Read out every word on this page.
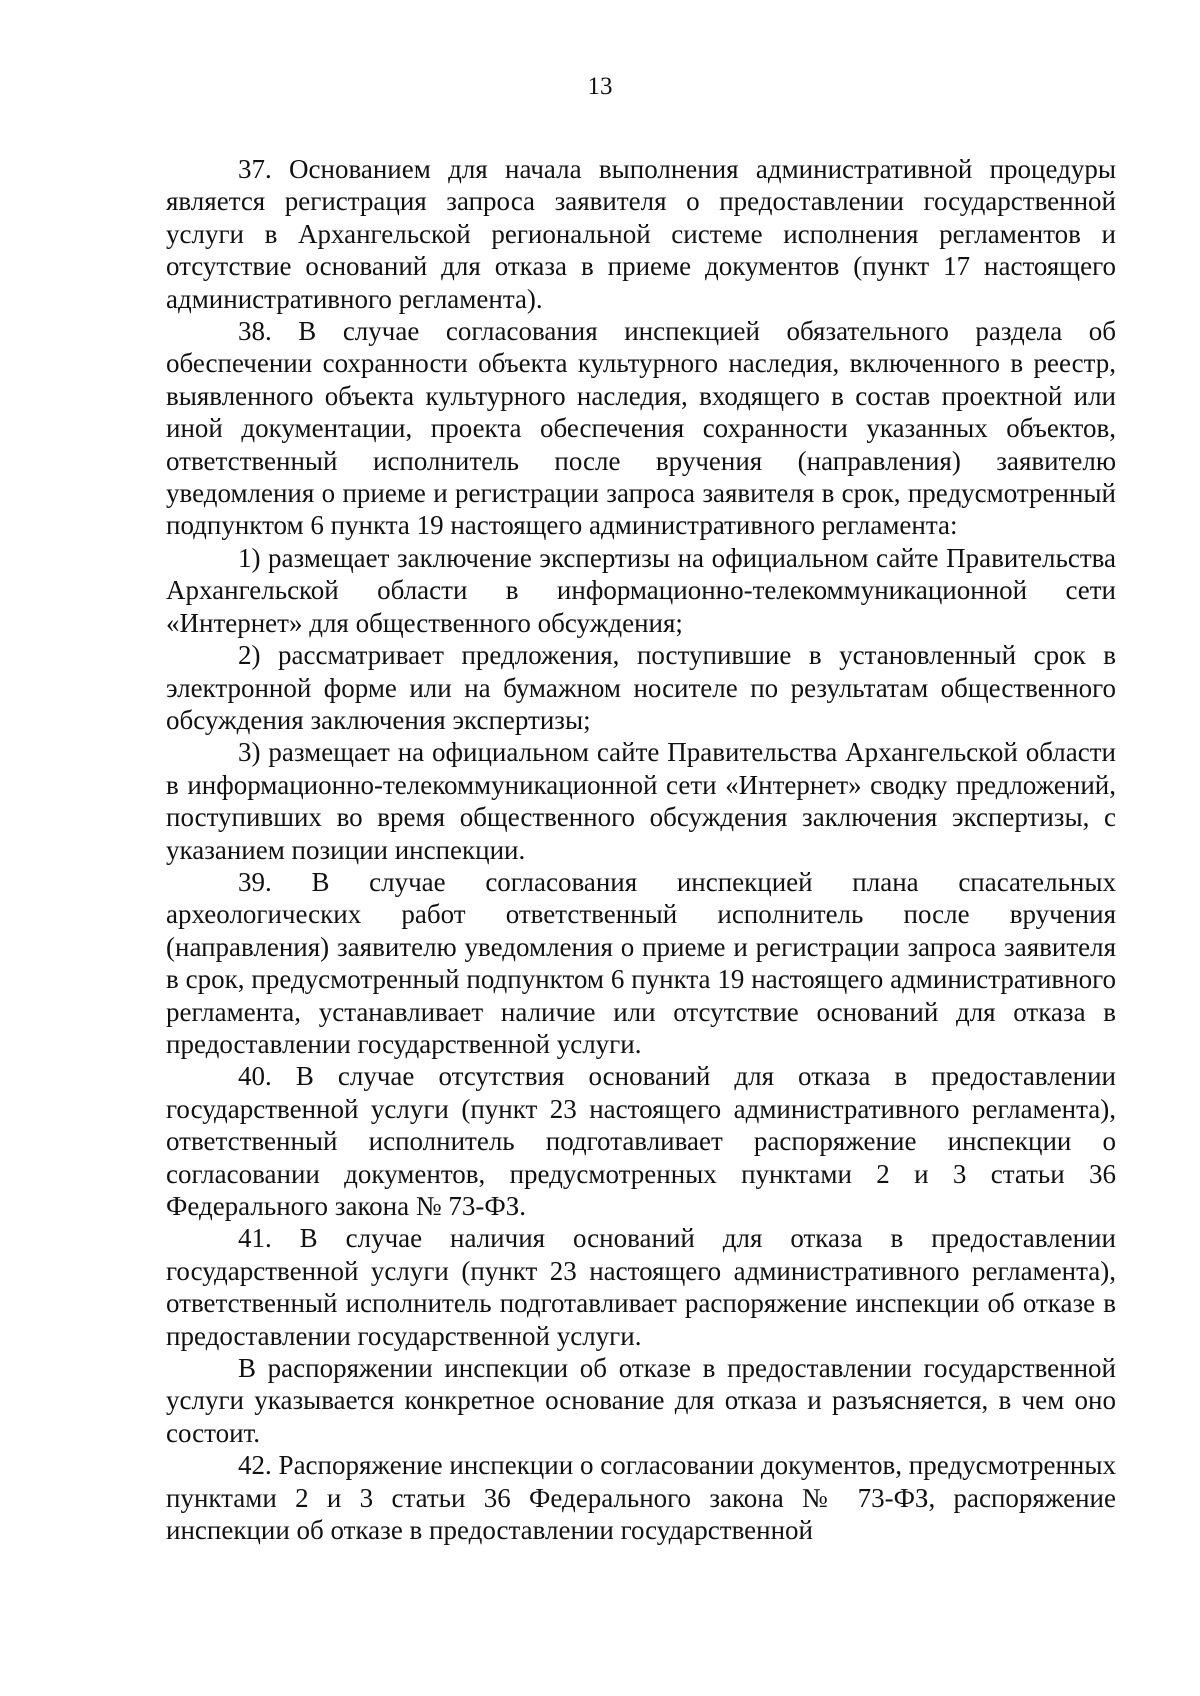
13

37. Основанием для начала выполнения административной процедуры является регистрация запроса заявителя о предоставлении государственной услуги в Архангельской региональной системе исполнения регламентов и отсутствие оснований для отказа в приеме документов (пункт 17 настоящего административного регламента).

38. В случае согласования инспекцией обязательного раздела об обеспечении сохранности объекта культурного наследия, включенного в реестр, выявленного объекта культурного наследия, входящего в состав проектной или иной документации, проекта обеспечения сохранности указанных объектов, ответственный исполнитель после вручения (направления) заявителю уведомления о приеме и регистрации запроса заявителя в срок, предусмотренный подпунктом 6 пункта 19 настоящего административного регламента:

1) размещает заключение экспертизы на официальном сайте Правительства Архангельской области в информационно-телекоммуникационной сети «Интернет» для общественного обсуждения;

2) рассматривает предложения, поступившие в установленный срок в электронной форме или на бумажном носителе по результатам общественного обсуждения заключения экспертизы;

3) размещает на официальном сайте Правительства Архангельской области в информационно-телекоммуникационной сети «Интернет» сводку предложений, поступивших во время общественного обсуждения заключения экспертизы, с указанием позиции инспекции.

39. В случае согласования инспекцией плана спасательных археологических работ ответственный исполнитель после вручения (направления) заявителю уведомления о приеме и регистрации запроса заявителя в срок, предусмотренный подпунктом 6 пункта 19 настоящего административного регламента, устанавливает наличие или отсутствие оснований для отказа в предоставлении государственной услуги.

40. В случае отсутствия оснований для отказа в предоставлении государственной услуги (пункт 23 настоящего административного регламента), ответственный исполнитель подготавливает распоряжение инспекции о согласовании документов, предусмотренных пунктами 2 и 3 статьи 36 Федерального закона № 73-ФЗ.

41. В случае наличия оснований для отказа в предоставлении государственной услуги (пункт 23 настоящего административного регламента), ответственный исполнитель подготавливает распоряжение инспекции об отказе в предоставлении государственной услуги.

В распоряжении инспекции об отказе в предоставлении государственной услуги указывается конкретное основание для отказа и разъясняется, в чем оно состоит.

42. Распоряжение инспекции о согласовании документов, предусмотренных пунктами 2 и 3 статьи 36 Федерального закона № 73-ФЗ, распоряжение инспекции об отказе в предоставлении государственной
